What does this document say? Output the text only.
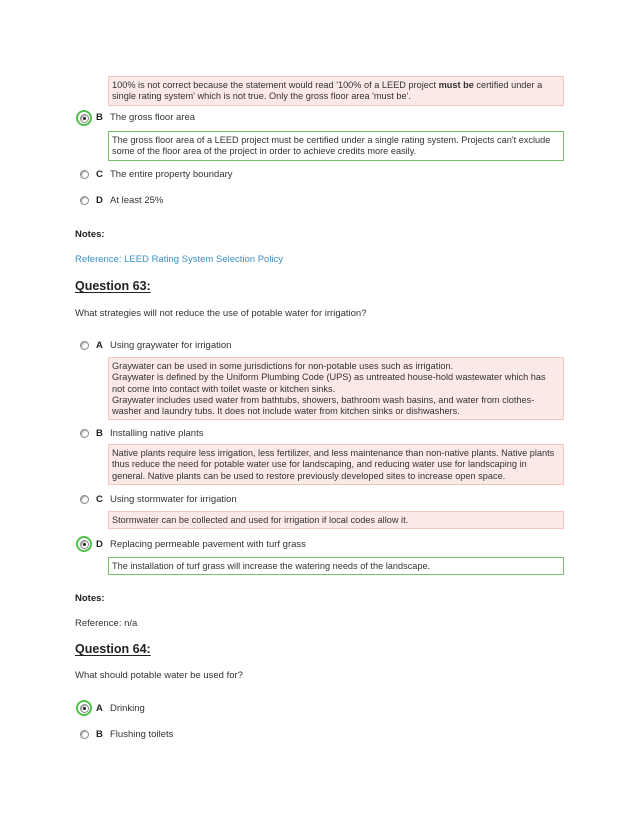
100% is not correct because the statement would read '100% of a LEED project must be certified under a single rating system' which is not true. Only the gross floor area 'must be'.

B The gross floor area

The gross floor area of a LEED project must be certified under a single rating system. Projects can't exclude some of the floor area of the project in order to achieve credits more easily.

C The entire property boundary
D At least 25%
Notes:
Reference: LEED Rating System Selection Policy
Question 63:
What strategies will not reduce the use of potable water for irrigation?
A Using graywater for irrigation

Graywater can be used in some jurisdictions for non-potable uses such as irrigation.

Graywater is defined by the Uniform Plumbing Code (UPS) as untreated house-hold wastewater which has not come into contact with toilet waste or kitchen sinks.

Graywater includes used water from bathtubs, showers, bathroom wash basins, and water from clothes-washer and laundry tubs. It does not include water from kitchen sinks or dishwashers.

B Installing native plants

Native plants require less irrigation, less fertilizer, and less maintenance than non-native plants. Native plants thus reduce the need for potable water use for landscaping, and reducing water use for landscaping in general. Native plants can be used to restore previously developed sites to increase open space.

C Using stormwater for irrigation

Stormwater can be collected and used for irrigation if local codes allow it.

D Replacing permeable pavement with turf grass

The installation of turf grass will increase the watering needs of the landscape.

Notes:
Reference: n/a
Question 64:
What should potable water be used for?
A Drinking
B Flushing toilets
